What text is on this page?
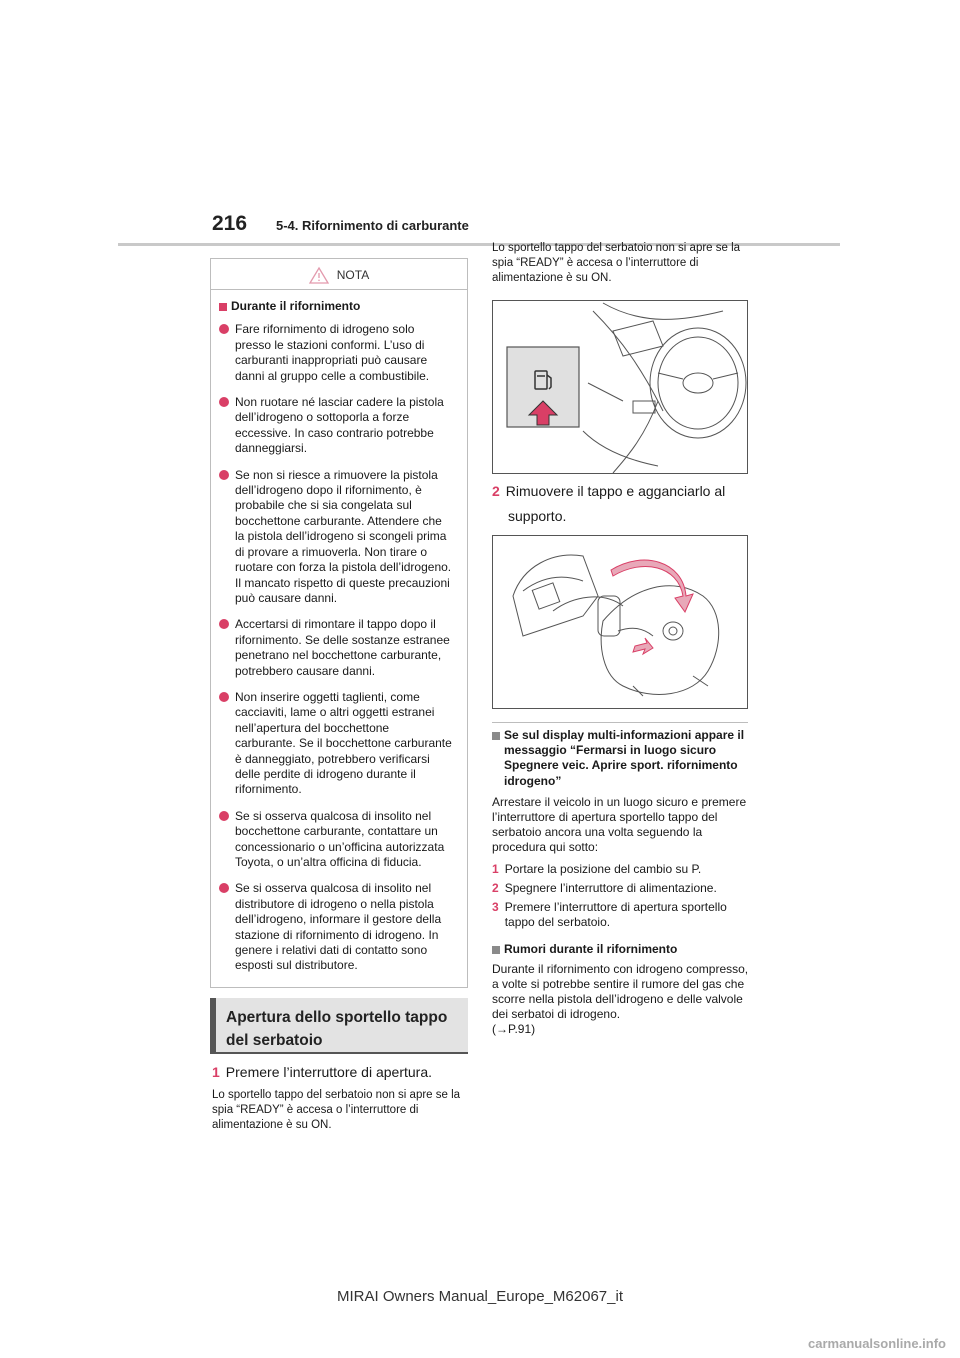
216 5-4. Rifornimento di carburante
NOTA
Durante il rifornimento
Fare rifornimento di idrogeno solo presso le stazioni conformi. L’uso di carburanti inappropriati può causare danni al gruppo celle a combustibile.
Non ruotare né lasciar cadere la pistola dell’idrogeno o sottoporla a forze eccessive. In caso contrario potrebbe danneggiarsi.
Se non si riesce a rimuovere la pistola dell’idrogeno dopo il rifornimento, è probabile che si sia congelata sul bocchettone carburante. Attendere che la pistola dell’idrogeno si scongeli prima di provare a rimuoverla. Non tirare o ruotare con forza la pistola dell’idrogeno. Il mancato rispetto di queste precauzioni può causare danni.
Accertarsi di rimontare il tappo dopo il rifornimento. Se delle sostanze estranee penetrano nel bocchettone carburante, potrebbero causare danni.
Non inserire oggetti taglienti, come cacciaviti, lame o altri oggetti estranei nell’apertura del bocchettone carburante. Se il bocchettone carburante è danneggiato, potrebbero verificarsi delle perdite di idrogeno durante il rifornimento.
Se si osserva qualcosa di insolito nel bocchettone carburante, contattare un concessionario o un’officina autorizzata Toyota, o un’altra officina di fiducia.
Se si osserva qualcosa di insolito nel distributore di idrogeno o nella pistola dell’idrogeno, informare il gestore della stazione di rifornimento di idrogeno. In genere i relativi dati di contatto sono esposti sul distributore.
Apertura dello sportello tappo
del serbatoio
1 Premere l’interruttore di apertura.
Lo sportello tappo del serbatoio non si apre se la spia “READY” è accesa o l’interruttore di alimentazione è su ON.
Lo sportello tappo del serbatoio non si apre se la spia “READY” è accesa o l’interruttore di alimentazione è su ON.
2 Rimuovere il tappo e agganciarlo al
supporto.
Se sul display multi-informazioni appare il messaggio “Fermarsi in luogo sicuro Spegnere veic. Aprire sport. rifornimento idrogeno”
Arrestare il veicolo in un luogo sicuro e premere l’interruttore di apertura sportello tappo del serbatoio ancora una volta seguendo la procedura qui sotto:
1 Portare la posizione del cambio su P.
2 Spegnere l’interruttore di alimentazione.
3 Premere l’interruttore di apertura sportello tappo del serbatoio.
Rumori durante il rifornimento
Durante il rifornimento con idrogeno compresso, a volte si potrebbe sentire il rumore del gas che scorre nella pistola dell’idrogeno e delle valvole dei serbatoi di idrogeno.
(→P.91)
MIRAI Owners Manual_Europe_M62067_it
carmanualsonline.info
